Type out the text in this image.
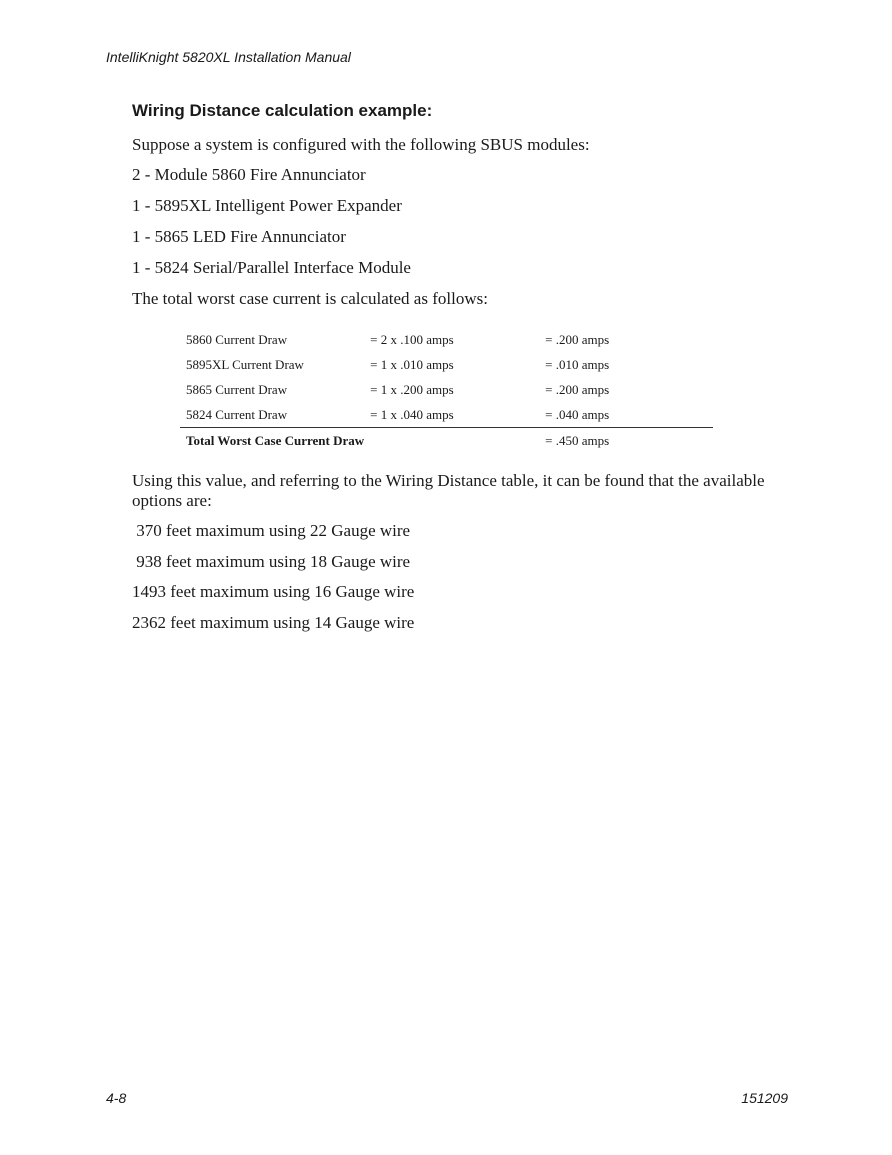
IntelliKnight 5820XL Installation Manual
Wiring Distance calculation example:

Suppose a system is configured with the following SBUS modules:

2 - Module 5860 Fire Annunciator
1 - 5895XL Intelligent Power Expander
1 - 5865 LED Fire Annunciator
1 - 5824 Serial/Parallel Interface Module

The total worst case current is calculated as follows:

5860 Current Draw	= 2 x .100 amps	= .200 amps
5895XL Current Draw	= 1 x .010 amps	= .010 amps
5865 Current Draw	= 1 x .200 amps	= .200 amps
5824 Current Draw	= 1 x .040 amps	= .040 amps
Total Worst Case Current Draw		= .450 amps

Using this value, and referring to the Wiring Distance table, it can be found that the available options are:

370 feet maximum using 22 Gauge wire
938 feet maximum using 18 Gauge wire
1493 feet maximum using 16 Gauge wire
2362 feet maximum using 14 Gauge wire
4-8	151209
